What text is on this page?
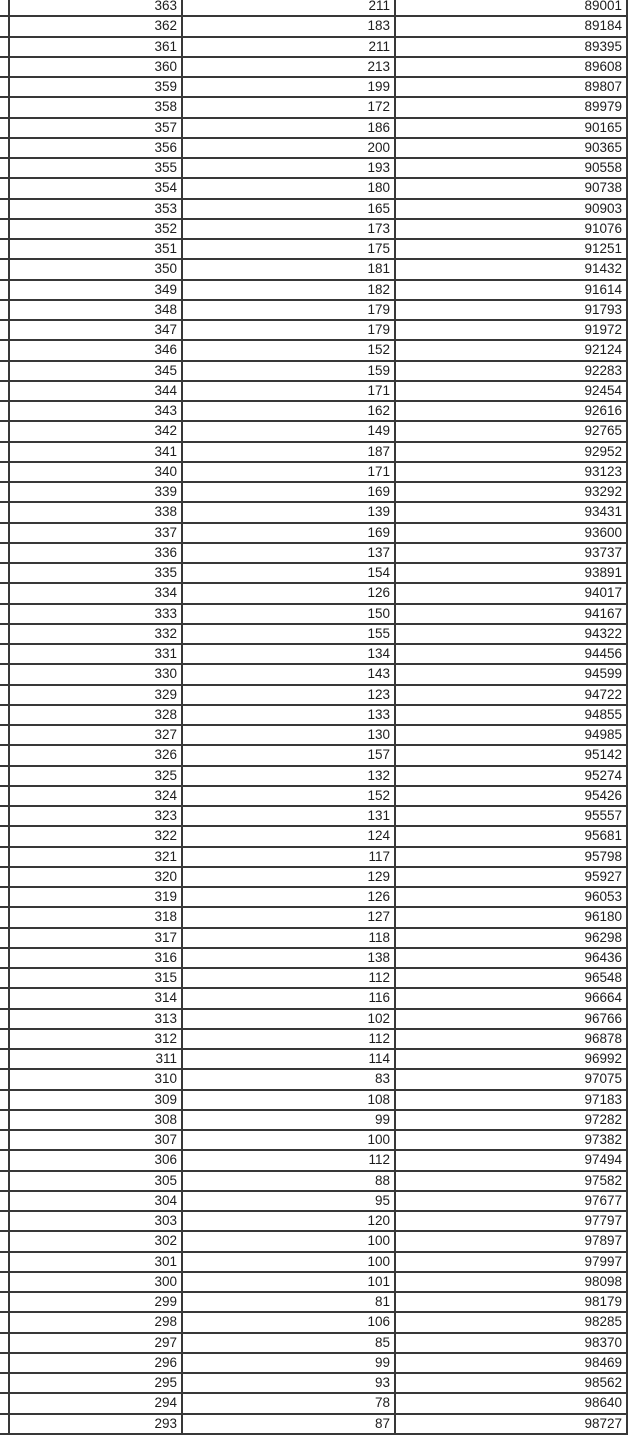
363	211	89001
362	183	89184
361	211	89395
360	213	89608
359	199	89807
358	172	89979
357	186	90165
356	200	90365
355	193	90558
354	180	90738
353	165	90903
352	173	91076
351	175	91251
350	181	91432
349	182	91614
348	179	91793
347	179	91972
346	152	92124
345	159	92283
344	171	92454
343	162	92616
342	149	92765
341	187	92952
340	171	93123
339	169	93292
338	139	93431
337	169	93600
336	137	93737
335	154	93891
334	126	94017
333	150	94167
332	155	94322
331	134	94456
330	143	94599
329	123	94722
328	133	94855
327	130	94985
326	157	95142
325	132	95274
324	152	95426
323	131	95557
322	124	95681
321	117	95798
320	129	95927
319	126	96053
318	127	96180
317	118	96298
316	138	96436
315	112	96548
314	116	96664
313	102	96766
312	112	96878
311	114	96992
310	83	97075
309	108	97183
308	99	97282
307	100	97382
306	112	97494
305	88	97582
304	95	97677
303	120	97797
302	100	97897
301	100	97997
300	101	98098
299	81	98179
298	106	98285
297	85	98370
296	99	98469
295	93	98562
294	78	98640
293	87	98727
